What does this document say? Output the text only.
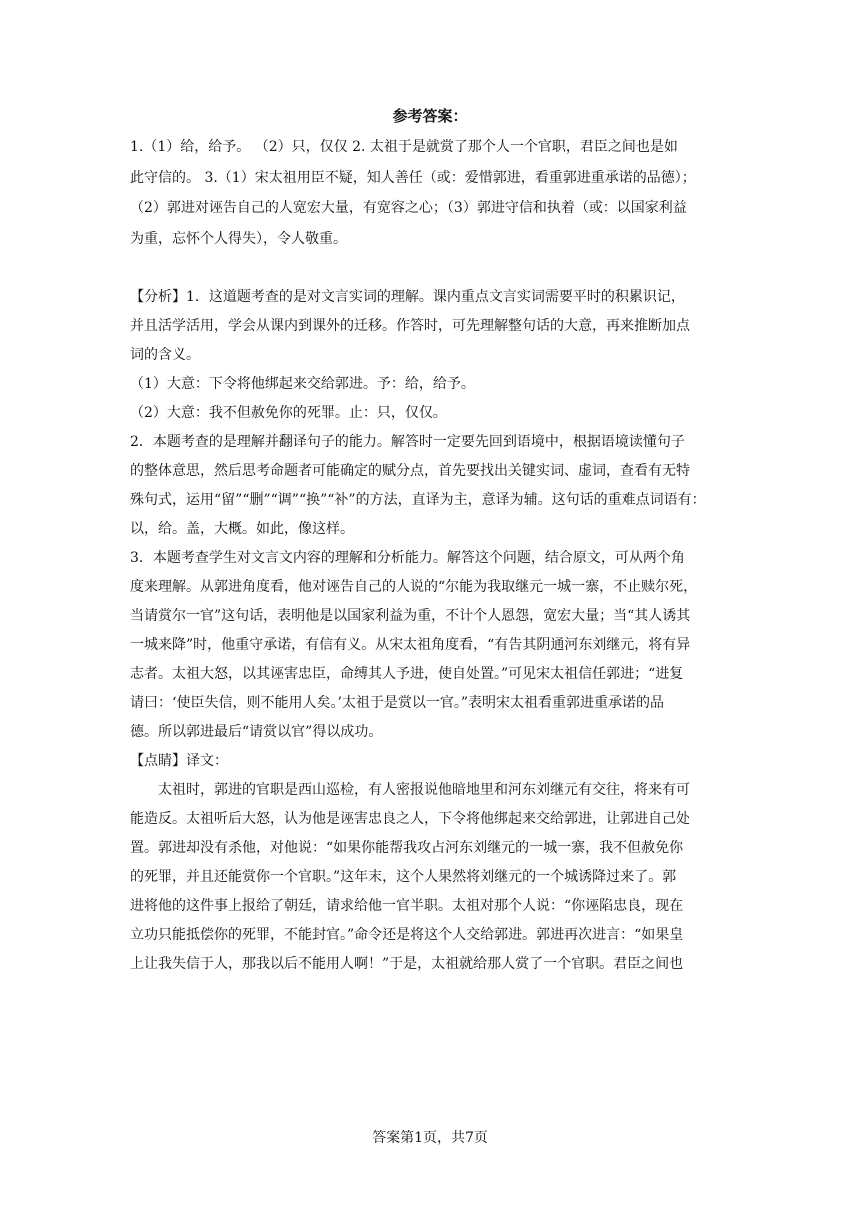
参考答案：

1.（1）给，给予。 （2）只，仅仅 2. 太祖于是就赏了那个人一个官职，君臣之间也是如
此守信的。 3.（1）宋太祖用臣不疑，知人善任（或：爱惜郭进，看重郭进重承诺的品德）；
（2）郭进对诬告自己的人宽宏大量，有宽容之心；（3）郭进守信和执着（或：以国家利益
为重，忘怀个人得失），令人敬重。
【分析】1．这道题考查的是对文言实词的理解。课内重点文言实词需要平时的积累识记，
并且活学活用，学会从课内到课外的迁移。作答时，可先理解整句话的大意，再来推断加点
词的含义。
（1）大意：下令将他绑起来交给郭进。予：给，给予。
（2）大意：我不但赦免你的死罪。止：只，仅仅。
2．本题考查的是理解并翻译句子的能力。解答时一定要先回到语境中，根据语境读懂句子
的整体意思，然后思考命题者可能确定的赋分点，首先要找出关键实词、虚词，查看有无特
殊句式，运用“留”“删”“调”“换”“补”的方法，直译为主，意译为辅。这句话的重难点词语有：
以，给。盖，大概。如此，像这样。
3．本题考查学生对文言文内容的理解和分析能力。解答这个问题，结合原文，可从两个角
度来理解。从郭进角度看，他对诬告自己的人说的“尔能为我取继元一城一寨，不止赎尔死，
当请赏尔一官”这句话，表明他是以国家利益为重，不计个人恩怨，宽宏大量；当“其人诱其
一城来降”时，他重守承诺，有信有义。从宋太祖角度看，“有告其阴通河东刘继元，将有异
志者。太祖大怒，以其诬害忠臣，命缚其人予进，使自处置。”可见宋太祖信任郭进；“进复
请曰：‘使臣失信，则不能用人矣。’太祖于是赏以一官。”表明宋太祖看重郭进重承诺的品
德。所以郭进最后“请赏以官”得以成功。
【点睛】译文：
太祖时，郭进的官职是西山巡检，有人密报说他暗地里和河东刘继元有交往，将来有可
能造反。太祖听后大怒，认为他是诬害忠良之人，下令将他绑起来交给郭进，让郭进自己处
置。郭进却没有杀他，对他说：“如果你能帮我攻占河东刘继元的一城一寨，我不但赦免你
的死罪，并且还能赏你一个官职。”这年末，这个人果然将刘继元的一个城诱降过来了。郭
进将他的这件事上报给了朝廷，请求给他一官半职。太祖对那个人说：“你诬陷忠良，现在
立功只能抵偿你的死罪，不能封官。”命令还是将这个人交给郭进。郭进再次进言：“如果皇
上让我失信于人，那我以后不能用人啊！”于是，太祖就给那人赏了一个官职。君臣之间也
答案第1页，共7页
